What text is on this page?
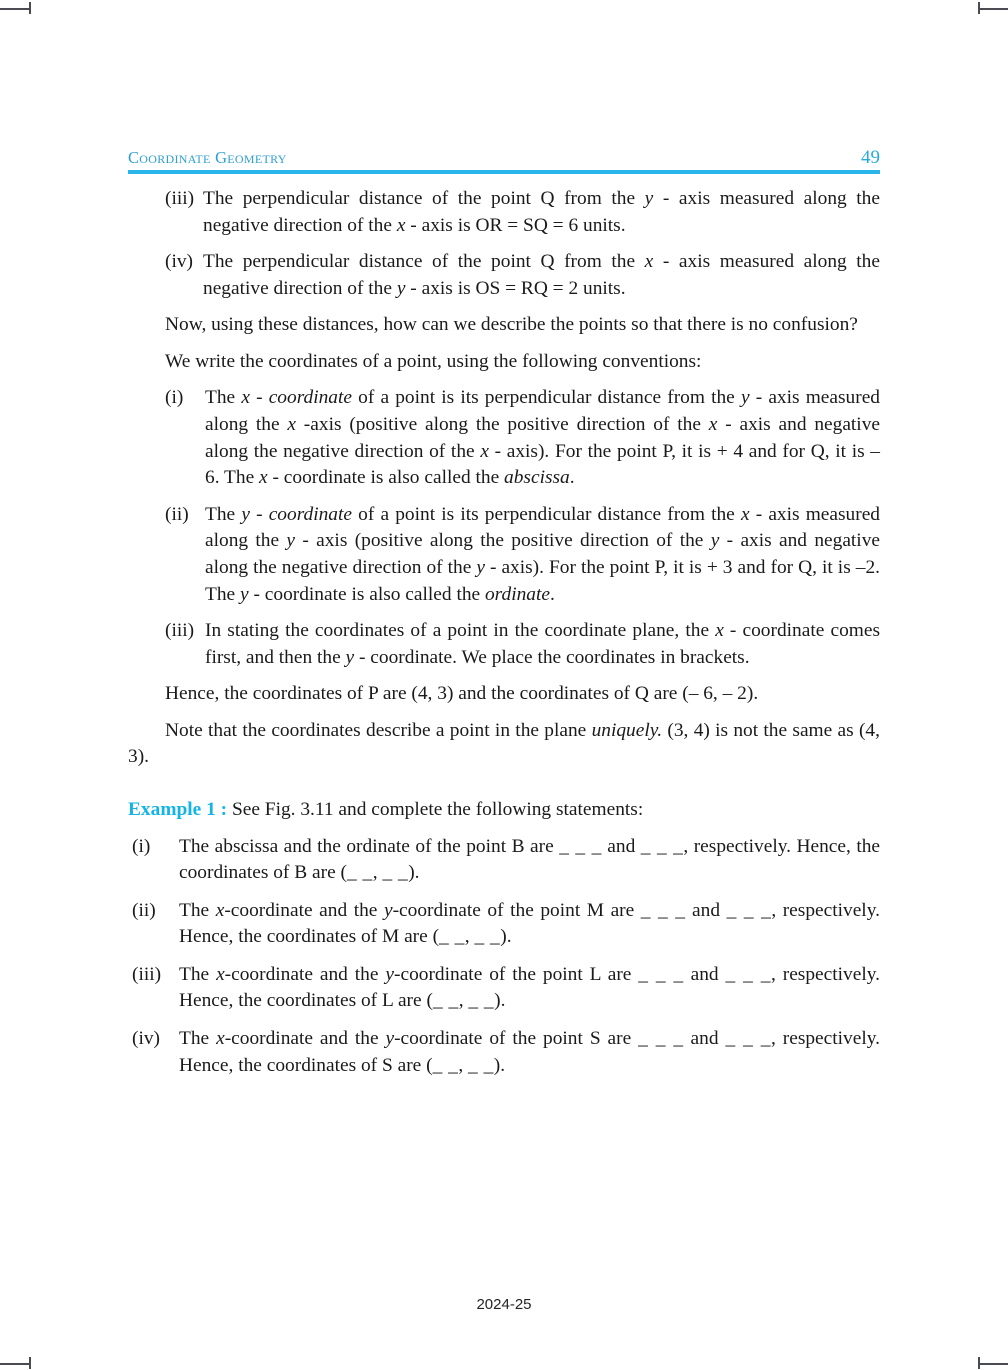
Coordinate Geometry	49
(iii) The perpendicular distance of the point Q from the y - axis measured along the negative direction of the x - axis is OR = SQ = 6 units.
(iv) The perpendicular distance of the point Q from the x - axis measured along the negative direction of the y - axis is OS = RQ = 2 units.

Now, using these distances, how can we describe the points so that there is no confusion?

We write the coordinates of a point, using the following conventions:

(i)	The x - coordinate of a point is its perpendicular distance from the y - axis measured along the x -axis (positive along the positive direction of the x - axis and negative along the negative direction of the x - axis). For the point P, it is + 4 and for Q, it is – 6. The x - coordinate is also called the abscissa.
(ii) The y - coordinate of a point is its perpendicular distance from the x - axis measured along the y - axis (positive along the positive direction of the y - axis and negative along the negative direction of the y - axis). For the point P, it is + 3 and for Q, it is –2. The y - coordinate is also called the ordinate.
(iii) In stating the coordinates of a point in the coordinate plane, the x - coordinate comes first, and then the y - coordinate. We place the coordinates in brackets.

Hence, the coordinates of P are (4, 3) and the coordinates of Q are (– 6, – 2).

Note that the coordinates describe a point in the plane uniquely. (3, 4) is not the same as (4, 3).

Example 1 : See Fig. 3.11 and complete the following statements:

(i)	The abscissa and the ordinate of the point B are _ _ _ and _ _ _, respectively. Hence, the coordinates of B are (_ _, _ _).
(ii)	The x-coordinate and the y-coordinate of the point M are _ _ _ and _ _ _, respectively. Hence, the coordinates of M are (_ _, _ _).
(iii) The x-coordinate and the y-coordinate of the point L are _ _ _ and _ _ _, respectively. Hence, the coordinates of L are (_ _, _ _).
(iv) The x-coordinate and the y-coordinate of the point S are _ _ _ and _ _ _, respectively. Hence, the coordinates of S are (_ _, _ _).
2024-25
